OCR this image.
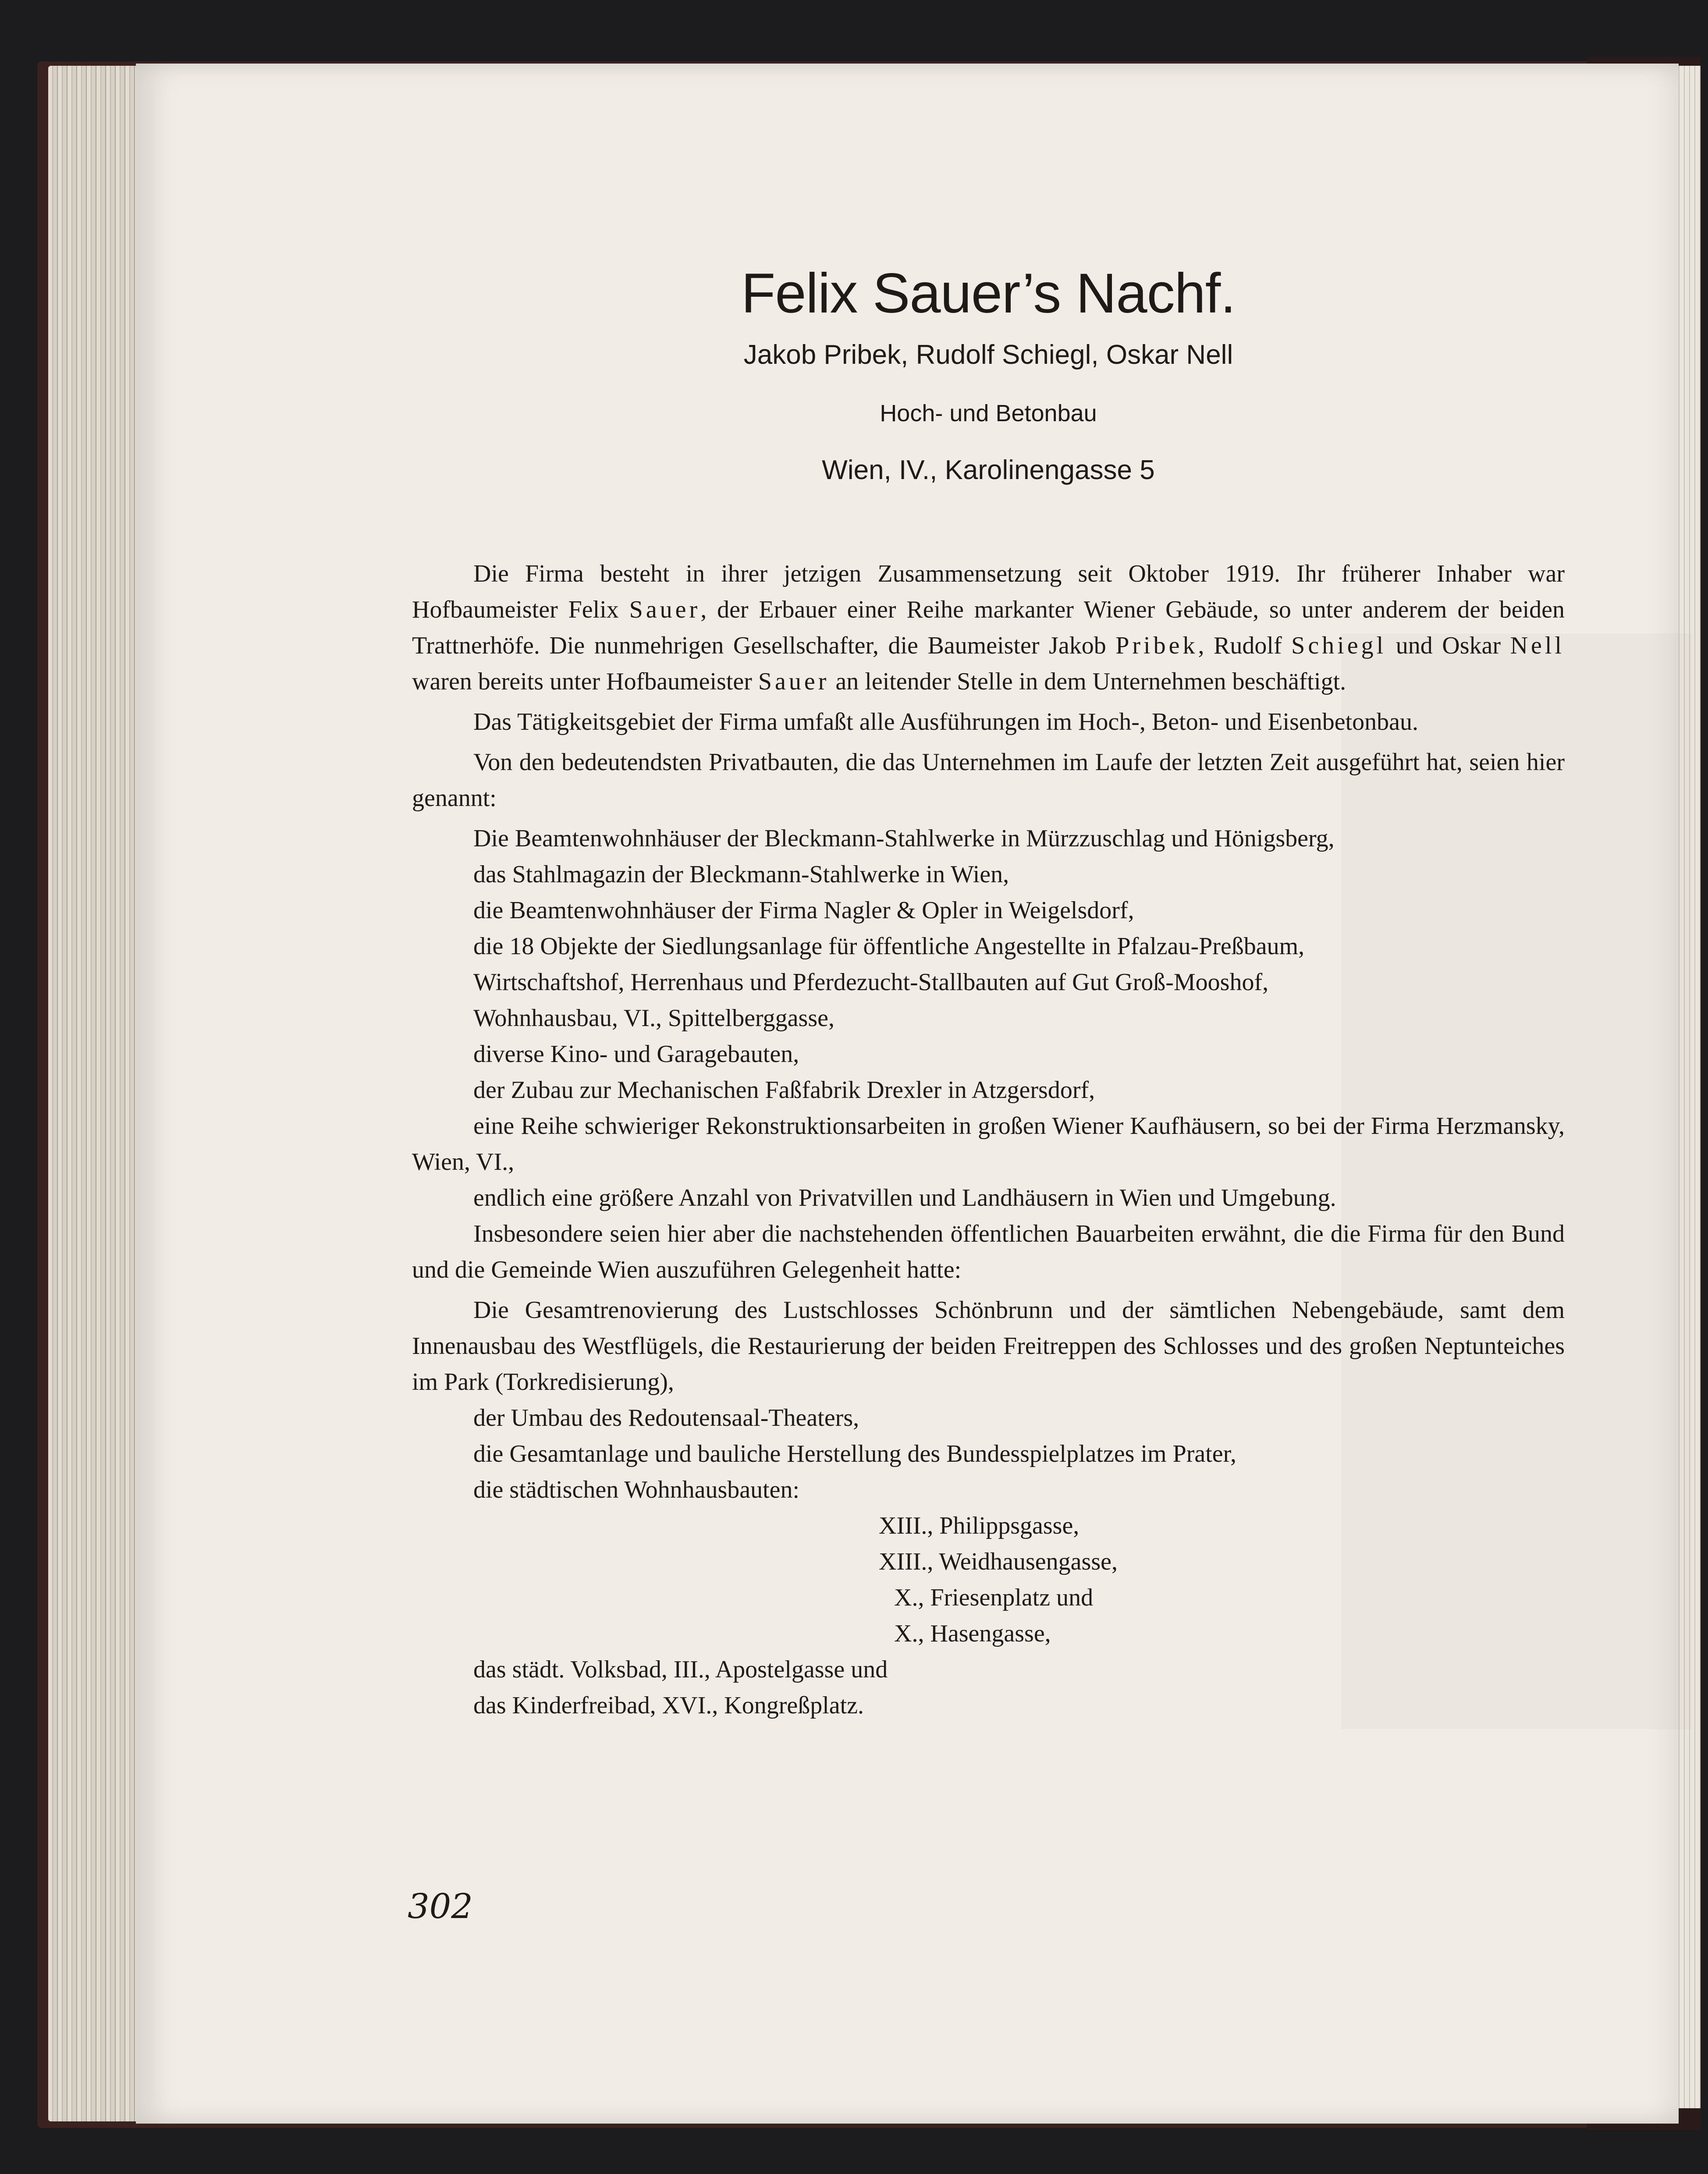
Felix Sauer’s Nachf.
Jakob Pribek, Rudolf Schiegl, Oskar Nell
Hoch- und Betonbau
Wien, IV., Karolinengasse 5

Die Firma besteht in ihrer jetzigen Zusammensetzung seit Oktober 1919. Ihr früherer Inhaber war Hofbaumeister Felix Sauer, der Erbauer einer Reihe markanter Wiener Gebäude, so unter anderem der beiden Trattnerhöfe. Die nunmehrigen Gesellschafter, die Baumeister Jakob Pribek, Rudolf Schiegl und Oskar Nell waren bereits unter Hofbaumeister Sauer an leitender Stelle in dem Unternehmen beschäftigt.

Das Tätigkeitsgebiet der Firma umfaßt alle Ausführungen im Hoch-, Beton- und Eisenbetonbau.

Von den bedeutendsten Privatbauten, die das Unternehmen im Laufe der letzten Zeit ausgeführt hat, seien hier genannt:

Die Beamtenwohnhäuser der Bleckmann-Stahlwerke in Mürzzuschlag und Hönigsberg,

das Stahlmagazin der Bleckmann-Stahlwerke in Wien,

die Beamtenwohnhäuser der Firma Nagler & Opler in Weigelsdorf,

die 18 Objekte der Siedlungsanlage für öffentliche Angestellte in Pfalzau-Preßbaum,

Wirtschaftshof, Herrenhaus und Pferdezucht-Stallbauten auf Gut Groß-Mooshof,

Wohnhausbau, VI., Spittelberggasse,

diverse Kino- und Garagebauten,

der Zubau zur Mechanischen Faßfabrik Drexler in Atzgersdorf,

eine Reihe schwieriger Rekonstruktionsarbeiten in großen Wiener Kaufhäusern, so bei der Firma Herzmansky, Wien, VI.,

endlich eine größere Anzahl von Privatvillen und Landhäusern in Wien und Umgebung.

Insbesondere seien hier aber die nachstehenden öffentlichen Bauarbeiten erwähnt, die die Firma für den Bund und die Gemeinde Wien auszuführen Gelegenheit hatte:

Die Gesamtrenovierung des Lustschlosses Schönbrunn und der sämtlichen Nebengebäude, samt dem Innenausbau des Westflügels, die Restaurierung der beiden Freitreppen des Schlosses und des großen Neptunteiches im Park (Torkredisierung),

der Umbau des Redoutensaal-Theaters,

die Gesamtanlage und bauliche Herstellung des Bundesspielplatzes im Prater,

die städtischen Wohnhausbauten:

XIII., Philippsgasse,

XIII., Weidhausengasse,

X., Friesenplatz und

X., Hasengasse,

das städt. Volksbad, III., Apostelgasse und

das Kinderfreibad, XVI., Kongreßplatz.

302
